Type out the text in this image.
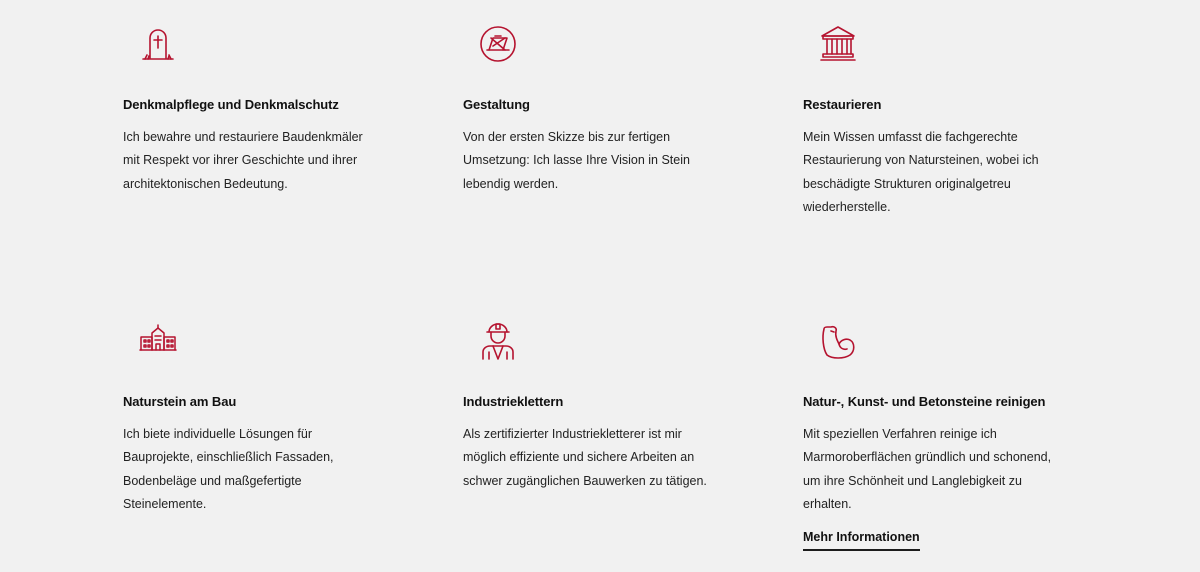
Denkmalpflege und Denkmalschutz
Ich bewahre und restauriere Baudenkmäler
mit Respekt vor ihrer Geschichte und ihrer
architektonischen Bedeutung.
Gestaltung
Von der ersten Skizze bis zur fertigen
Umsetzung: Ich lasse Ihre Vision in Stein
lebendig werden.
Restaurieren
Mein Wissen umfasst die fachgerechte
Restaurierung von Natursteinen, wobei ich
beschädigte Strukturen originalgetreu
wiederherstelle.
Naturstein am Bau
Ich biete individuelle Lösungen für
Bauprojekte, einschließlich Fassaden,
Bodenbeläge und maßgefertigte
Steinelemente.
Industrieklettern
Als zertifizierter Industriekletterer ist mir
möglich effiziente und sichere Arbeiten an
schwer zugänglichen Bauwerken zu tätigen.
Natur-, Kunst- und Betonsteine reinigen
Mit speziellen Verfahren reinige ich
Marmoroberflächen gründlich und schonend,
um ihre Schönheit und Langlebigkeit zu
erhalten.
Mehr Informationen
